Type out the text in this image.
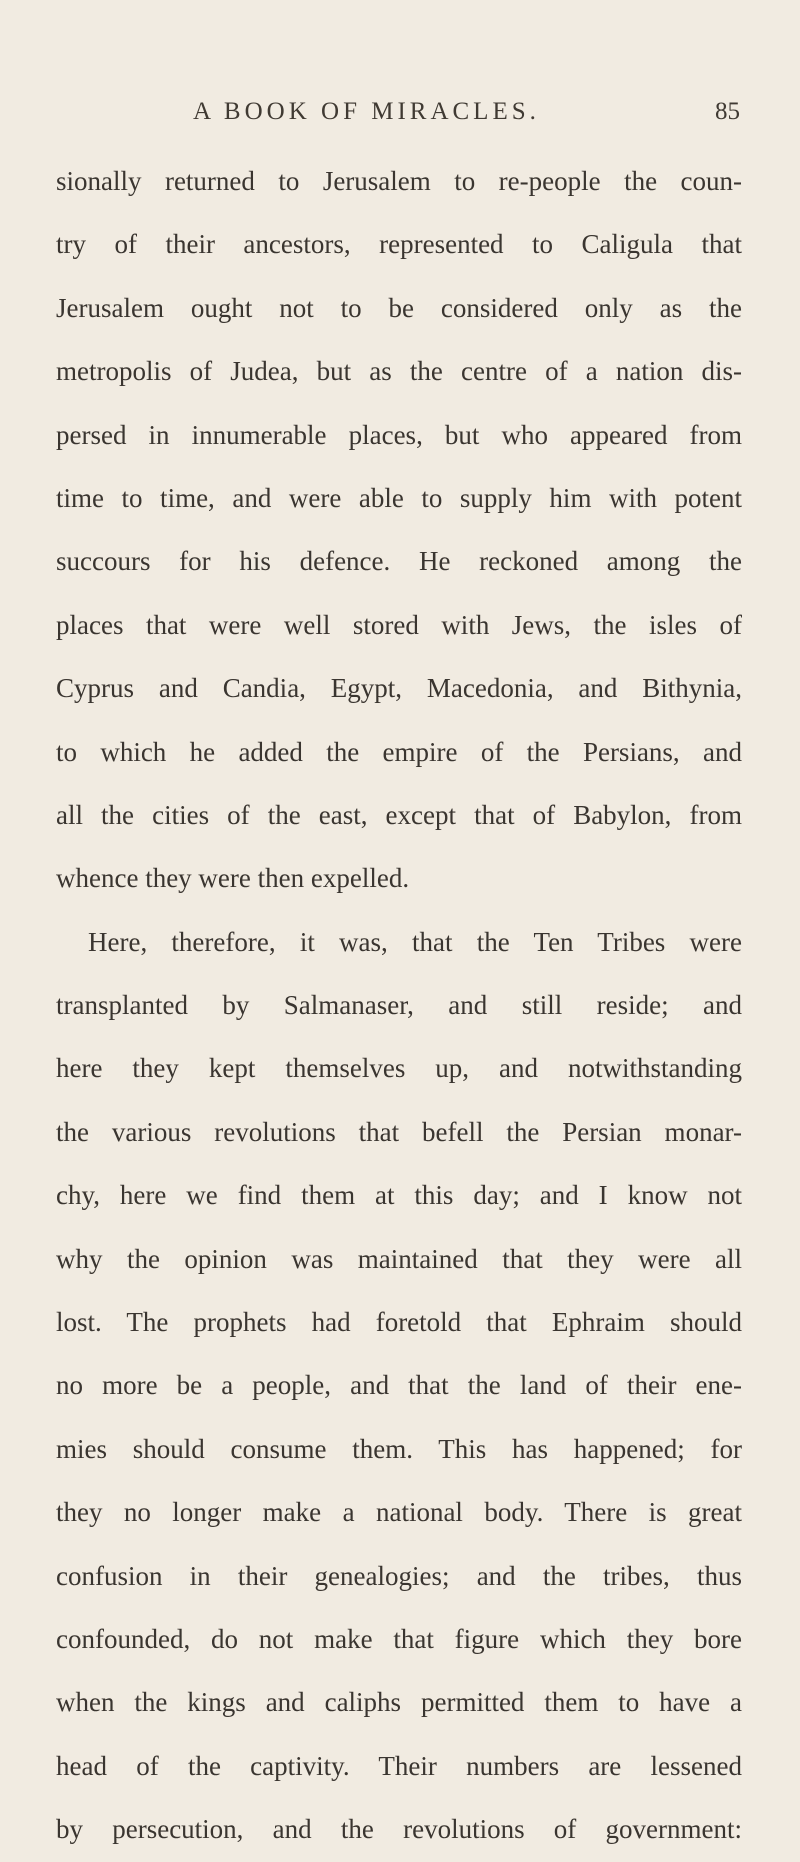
A BOOK OF MIRACLES.	85
sionally returned to Jerusalem to re-people the coun-
try of their ancestors, represented to Caligula that
Jerusalem ought not to be considered only as the
metropolis of Judea, but as the centre of a nation dis-
persed in innumerable places, but who appeared from
time to time, and were able to supply him with potent
succours for his defence. He reckoned among the
places that were well stored with Jews, the isles of
Cyprus and Candia, Egypt, Macedonia, and Bithynia,
to which he added the empire of the Persians, and
all the cities of the east, except that of Babylon, from
whence they were then expelled.
Here, therefore, it was, that the Ten Tribes were
transplanted by Salmanaser, and still reside; and
here they kept themselves up, and notwithstanding
the various revolutions that befell the Persian monar-
chy, here we find them at this day; and I know not
why the opinion was maintained that they were all
lost. The prophets had foretold that Ephraim should
no more be a people, and that the land of their ene-
mies should consume them. This has happened; for
they no longer make a national body. There is great
confusion in their genealogies; and the tribes, thus
confounded, do not make that figure which they bore
when the kings and caliphs permitted them to have a
head of the captivity. Their numbers are lessened
by persecution, and the revolutions of government:
